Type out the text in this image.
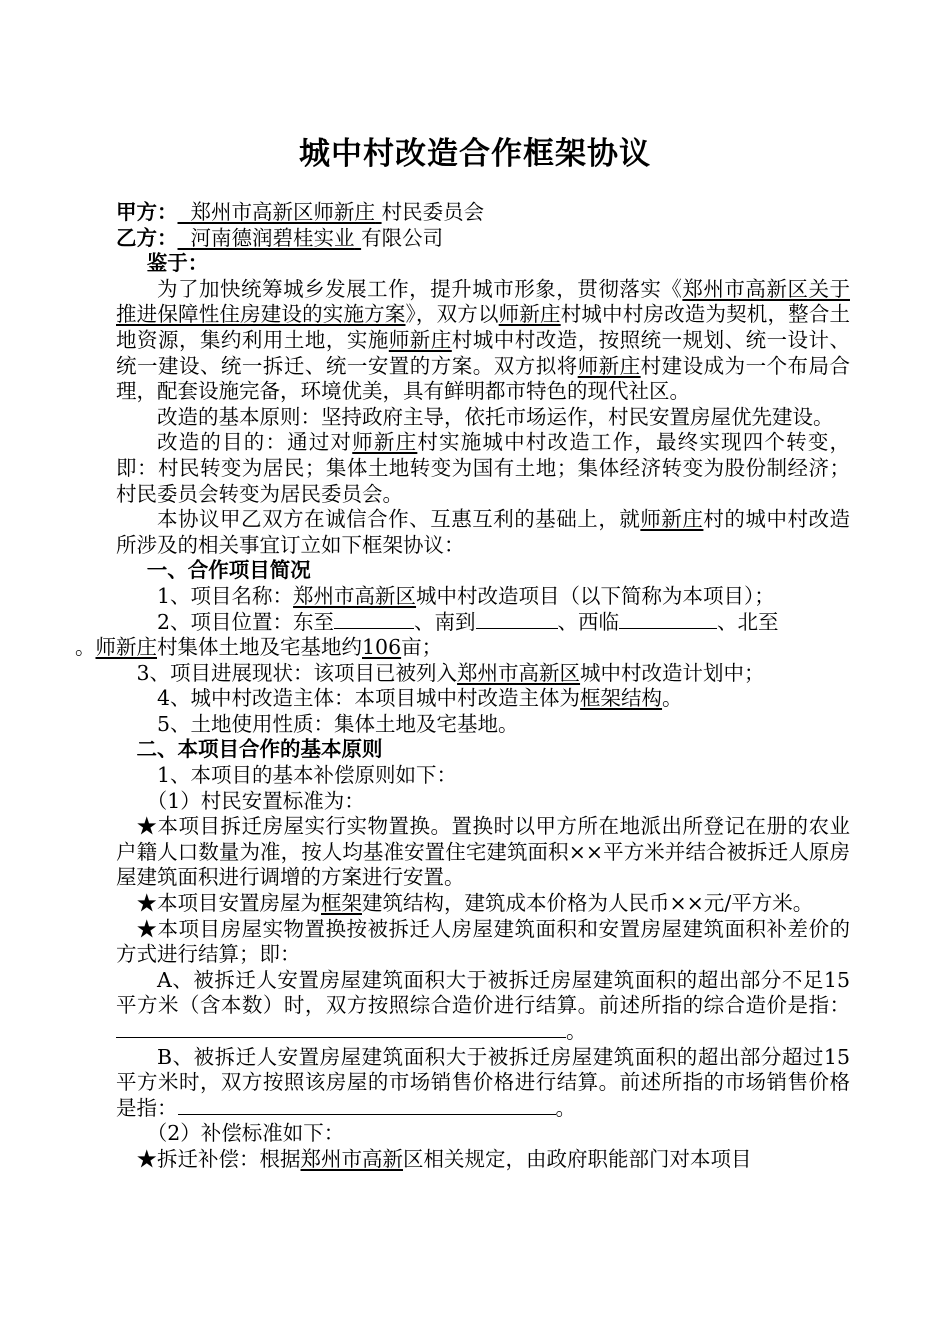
城中村改造合作框架协议

甲方： 郑州市高新区师新庄 村民委员会

乙方： 河南德润碧桂实业 有限公司

鉴于：

为了加快统筹城乡发展工作，提升城市形象，贯彻落实《郑州市高新区关于推进保障性住房建设的实施方案》，双方以师新庄村城中村房改造为契机，整合土地资源，集约利用土地，实施师新庄村城中村改造，按照统一规划、统一设计、统一建设、统一拆迁、统一安置的方案。双方拟将师新庄村建设成为一个布局合理，配套设施完备，环境优美，具有鲜明都市特色的现代社区。

改造的基本原则：坚持政府主导，依托市场运作，村民安置房屋优先建设。

改造的目的：通过对师新庄村实施城中村改造工作，最终实现四个转变，即：村民转变为居民；集体土地转变为国有土地；集体经济转变为股份制经济；村民委员会转变为居民委员会。

本协议甲乙双方在诚信合作、互惠互利的基础上，就师新庄村的城中村改造所涉及的相关事宜订立如下框架协议：

一、合作项目简况

1、项目名称：郑州市高新区城中村改造项目（以下简称为本项目）；

2、项目位置：东至	、南到	、西临	、北至
。师新庄村集体土地及宅基地约106亩；

3、项目进展现状：该项目已被列入郑州市高新区城中村改造计划中；

4、城中村改造主体：本项目城中村改造主体为框架结构。

5、土地使用性质：集体土地及宅基地。

二、本项目合作的基本原则

1、本项目的基本补偿原则如下：

（1）村民安置标准为：

★本项目拆迁房屋实行实物置换。置换时以甲方所在地派出所登记在册的农业户籍人口数量为准，按人均基准安置住宅建筑面积××平方米并结合被拆迁人原房屋建筑面积进行调增的方案进行安置。

★本项目安置房屋为框架建筑结构，建筑成本价格为人民币××元/平方米。

★本项目房屋实物置换按被拆迁人房屋建筑面积和安置房屋建筑面积补差价的方式进行结算；即：

A、被拆迁人安置房屋建筑面积大于被拆迁房屋建筑面积的超出部分不足15平方米（含本数）时，双方按照综合造价进行结算。前述所指的综合造价是指：。

B、被拆迁人安置房屋建筑面积大于被拆迁房屋建筑面积的超出部分超过15平方米时，双方按照该房屋的市场销售价格进行结算。前述所指的市场销售价格是指：	。

（2）补偿标准如下：

★拆迁补偿：根据郑州市高新区相关规定，由政府职能部门对本项目
